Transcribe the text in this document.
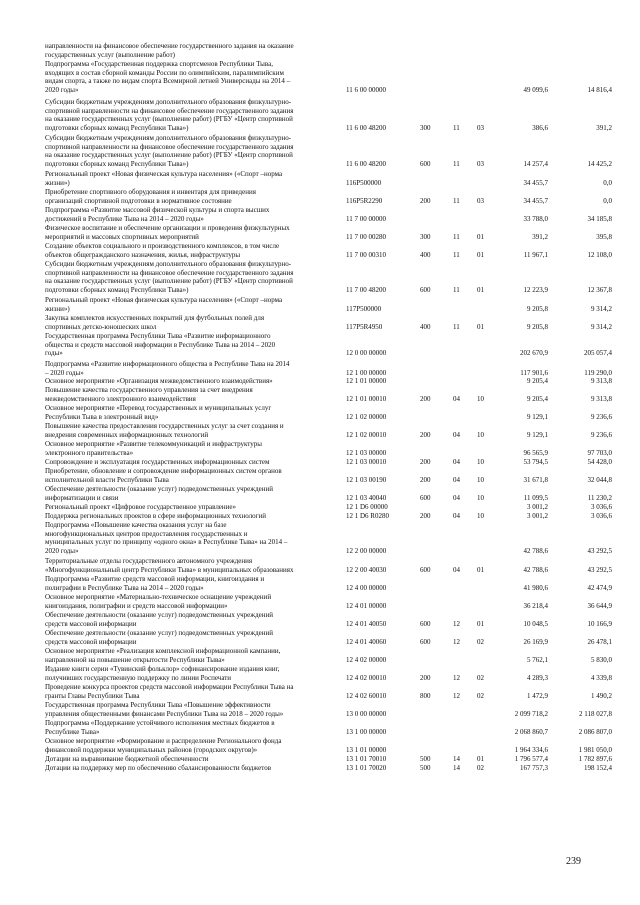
направленности на финансовое обеспечение государственного задания на оказание
государственных услуг (выполнение работ)
Подпрограмма «Государственная поддержка спортсменов Республики Тыва,
входящих в состав сборной команды России по олимпийским, паралимпийским
видам спорта, а также по видам спорта Всемирной летней Универсиады на 2014 –
2020 годы»	11 6 00 00000	49 099,6	14 816,4
Субсидии бюджетным учреждениям дополнительного образования физкультурно-
спортивной направленности на финансовое обеспечение государственного задания
на оказание государственных услуг (выполнение работ) (РГБУ «Центр спортивной
подготовки сборных команд Республики Тыва»)	11 6 00 48200	300	11	03	386,6	391,2
Субсидии бюджетным учреждениям дополнительного образования физкультурно-
спортивной направленности на финансовое обеспечение государственного задания
на оказание государственных услуг (выполнение работ) (РГБУ «Центр спортивной
подготовки сборных команд Республики Тыва»)	11 6 00 48200	600	11	03	14 257,4	14 425,2
Региональный проект «Новая физическая культура населения» («Спорт –норма
жизни»)	116P500000	34 455,7	0,0
Приобретение спортивного оборудования и инвентаря для приведения
организаций спортивной подготовки в нормативное состояние	116P5R2290	200	11	03	34 455,7	0,0
Подпрограмма «Развитие массовой физической культуры и спорта высших
достижений в Республике Тыва на 2014 – 2020 годы»	11 7 00 00000	33 788,0	34 185,8
Физическое воспитание и обеспечение организации и проведения физкультурных
мероприятий и массовых спортивных мероприятий	11 7 00 00280	300	11	01	391,2	395,8
Создание объектов социального и производственного комплексов, в том числе
объектов общегражданского назначения, жилья, инфраструктуры	11 7 00 00310	400	11	01	11 967,1	12 108,0
Субсидии бюджетным учреждениям дополнительного образования физкультурно-
спортивной направленности на финансовое обеспечение государственного задания
на оказание государственных услуг (выполнение работ) (РГБУ «Центр спортивной
подготовки сборных команд Республики Тыва»)	11 7 00 48200	600	11	01	12 223,9	12 367,8
Региональный проект «Новая физическая культура населения» («Спорт –норма
жизни»)	117P500000	9 205,8	9 314,2
Закупка комплектов искусственных покрытий для футбольных полей для
спортивных детско-юношеских школ	117P5R4950	400	11	01	9 205,8	9 314,2
Государственная программа Республики Тыва «Развитие информационного
общества и средств массовой информации в Республике Тыва на 2014 – 2020
годы»	12 0 00 00000	202 670,9	205 057,4
Подпрограмма «Развитие информационного общества в Республике Тыва на 2014
– 2020 годы»	12 1 00 00000	117 901,6	119 290,0
Основное мероприятие «Организация межведомственного взаимодействия»	12 1 01 00000	9 205,4	9 313,8
Повышение качества государственного управления за счет внедрения
межведомственного электронного взаимодействия	12 1 01 00010	200	04	10	9 205,4	9 313,8
Основное мероприятие «Перевод государственных и муниципальных услуг
Республики Тыва в электронный вид»	12 1 02 00000	9 129,1	9 236,6
Повышение качества предоставления государственных услуг за счет создания и
внедрения современных информационных технологий	12 1 02 00010	200	04	10	9 129,1	9 236,6
Основное мероприятие «Развитие телекоммуникаций и инфраструктуры
электронного правительства»	12 1 03 00000	96 565,9	97 703,0
Сопровождение и эксплуатация государственных информационных систем	12 1 03 00010	200	04	10	53 794,5	54 428,0
Приобретение, обновление и сопровождение информационных систем органов
исполнительной власти Республики Тыва	12 1 03 00190	200	04	10	31 671,8	32 044,8
Обеспечение деятельности (оказание услуг) подведомственных учреждений
информатизации и связи	12 1 03 40040	600	04	10	11 099,5	11 230,2
Региональный проект «Цифровое государственное управление»	12 1 D6 00000	3 001,2	3 036,6
Поддержка региональных проектов в сфере информационных технологий	12 1 D6 R0280	200	04	10	3 001,2	3 036,6
Подпрограмма «Повышение качества оказания услуг на базе
многофункциональных центров предоставления государственных и
муниципальных услуг по принципу «одного окна» в Республике Тыва» на 2014 –
2020 годы»	12 2 00 00000	42 788,6	43 292,5
Территориальные отделы государственного автономного учреждения
«Многофункциональный центр Республики Тыва» в муниципальных образованиях	12 2 00 40030	600	04	01	42 788,6	43 292,5
Подпрограмма «Развитие средств массовой информации, книгоиздания и
полиграфии в Республике Тыва на 2014 – 2020 годы»	12 4 00 00000	41 980,6	42 474,9
Основное мероприятие «Материально-техническое оснащение учреждений
книгоиздания, полиграфии и средств массовой информации»	12 4 01 00000	36 218,4	36 644,9
Обеспечение деятельности (оказание услуг) подведомственных учреждений
средств массовой информации	12 4 01 40050	600	12	01	10 048,5	10 166,9
Обеспечение деятельности (оказание услуг) подведомственных учреждений
средств массовой информации	12 4 01 40060	600	12	02	26 169,9	26 478,1
Основное мероприятие «Реализация комплексной информационной кампании,
направленной на повышение открытости Республики Тыва»	12 4 02 00000	5 762,1	5 830,0
Издание книги серии «Тувинский фольклор» софинансирование издания книг,
получивших государственную поддержку по линии Роспечати	12 4 02 00010	200	12	02	4 289,3	4 339,8
Проведение конкурса проектов средств массовой информации Республики Тыва на
гранты Главы Республики Тыва	12 4 02 60010	800	12	02	1 472,9	1 490,2
Государственная программа Республики Тыва «Повышение эффективности
управления общественными финансами Республики Тыва на 2018 – 2020 годы»	13 0 00 00000	2 099 718,2	2 118 027,8
Подпрограмма «Поддержание устойчивого исполнения местных бюджетов в
Республике Тыва»	13 1 00 00000	2 068 860,7	2 086 807,0
Основное мероприятие «Формирование и распределение Регионального фонда
финансовой поддержки муниципальных районов (городских округов)»	13 1 01 00000	1 964 334,6	1 981 050,0
Дотации на выравнивание бюджетной обеспеченности	13 1 01 70010	500	14	01	1 796 577,4	1 782 897,6
Дотации на поддержку мер по обеспечению сбалансированности бюджетов	13 1 01 70020	500	14	02	167 757,3	198 152,4
239
